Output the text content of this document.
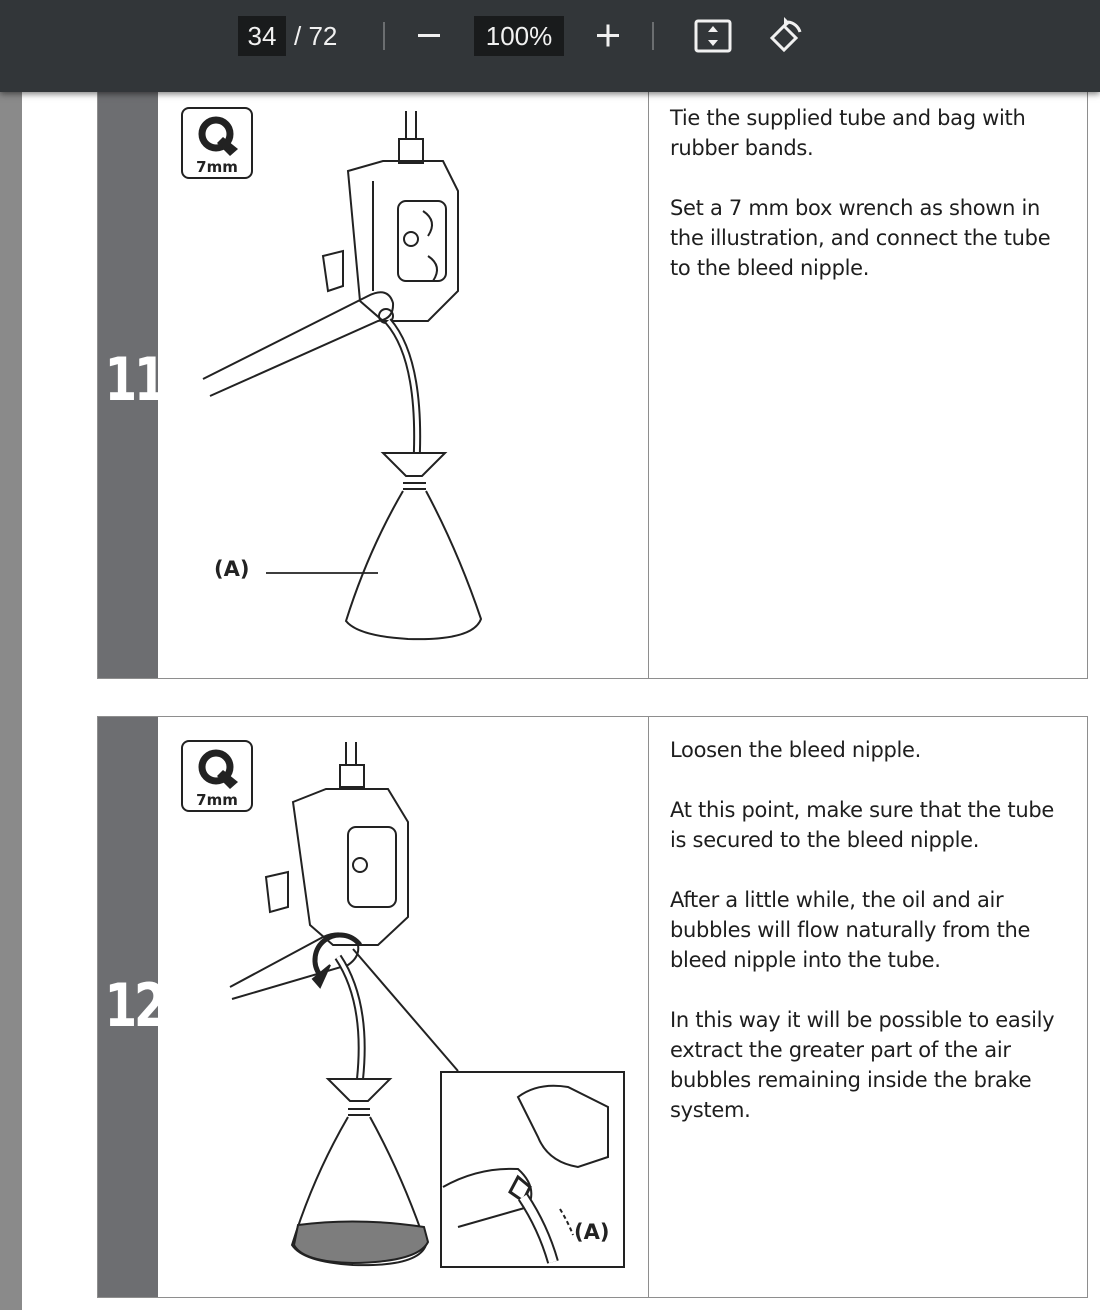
34 / 72	100%
11
7mm
(A)

Tie the supplied tube and bag with rubber bands.

Set a 7 mm box wrench as shown in the illustration, and connect the tube to the bleed nipple.

12
7mm
(A)

Loosen the bleed nipple.

At this point, make sure that the tube is secured to the bleed nipple.

After a little while, the oil and air bubbles will flow naturally from the bleed nipple into the tube.

In this way it will be possible to easily extract the greater part of the air bubbles remaining inside the brake system.
